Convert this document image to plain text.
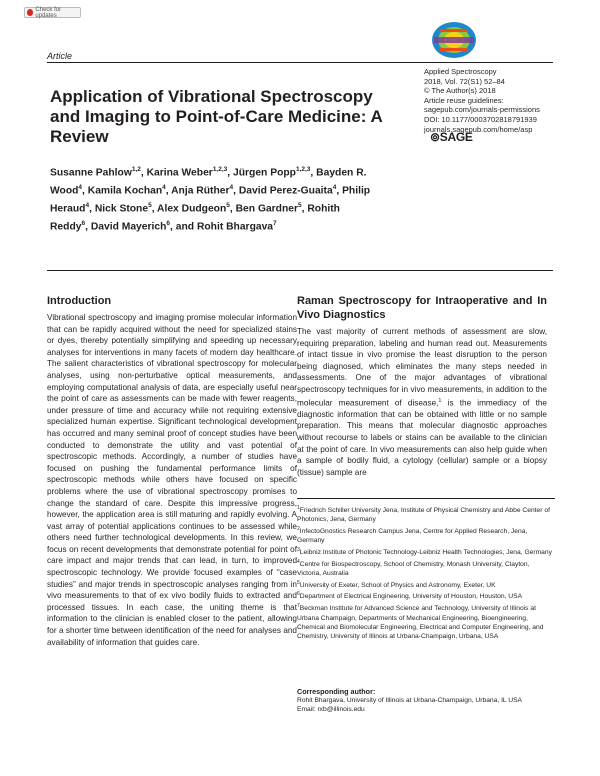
Check for updates
Article
Applied Spectroscopy
2018, Vol. 72(S1) 52–84
© The Author(s) 2018
Article reuse guidelines:
sagepub.com/journals-permissions
DOI: 10.1177/0003702818791939
journals.sagepub.com/home/asp
⊚SAGE
Application of Vibrational Spectroscopy and Imaging to Point-of-Care Medicine: A Review
Susanne Pahlow$^{1,2}$, Karina Weber$^{1,2,3}$, Jürgen Popp$^{1,2,3}$, Bayden R. Wood$^4$, Kamila Kochan$^4$, Anja Rüther$^4$, David Perez-Guaita$^4$, Philip Heraud$^4$, Nick Stone$^5$, Alex Dudgeon$^5$, Ben Gardner$^5$, Rohith Reddy$^6$, David Mayerich$^6$, and Rohit Bhargava$^7$
Introduction

Vibrational spectroscopy and imaging promise molecular information that can be rapidly acquired without the need for specialized stains or dyes, thereby potentially simplifying and speeding up necessary analyses for interventions in many facets of modern day healthcare. The salient characteristics of vibrational spectroscopy for molecular analyses, using non-perturbative optical measurements, and employing computational analysis of data, are especially useful near the point of care as assessments can be made with fewer reagents, under pressure of time and accuracy while not requiring extensive specialized human expertise. Significant technological development has occurred and many seminal proof of concept studies have been conducted to demonstrate the utility and vast potential of spectroscopic methods. Accordingly, a number of studies have focused on pushing the fundamental performance limits of spectroscopic methods while others have focused on specific problems where the use of vibrational spectroscopy promises to change the standard of care. Despite this impressive progress, however, the application area is still maturing and rapidly evolving. A vast array of potential applications continues to be assessed while others need further technological developments. In this review, we focus on recent developments that demonstrate potential for point of care impact and major trends that can lead, in turn, to improved spectroscopic technology. We provide focused examples of “case studies” and major trends in spectroscopic analyses ranging from in vivo measurements to that of ex vivo bodily fluids to extracted and processed tissues. In each case, the uniting theme is that information to the clinician is enabled closer to the patient, allowing for a shorter time between identification of the need for analyses and availability of information that guides care.

Raman Spectroscopy for Intraoperative and In Vivo Diagnostics

The vast majority of current methods of assessment are slow, requiring preparation, labeling and human read out. Measurements of intact tissue in vivo promise the least disruption to the person being diagnosed, which eliminates the many steps needed in assessments. One of the major advantages of vibrational spectroscopy techniques for in vivo measurements, in addition to the molecular measurement of disease,$^1$ is the immediacy of the diagnostic information that can be obtained with little or no sample preparation. This means that molecular diagnostic approaches without recourse to labels or stains can be available to the clinician at the point of care. In vivo measurements can also help guide when a sample of bodily fluid, a cytology (cellular) sample or a biopsy (tissue) sample are

$^1$Friedrich Schiller University Jena, Institute of Physical Chemistry and Abbe Center of Photonics, Jena, Germany

$^2$InfectoGnostics Research Campus Jena, Centre for Applied Research, Jena, Germany

$^3$Leibniz Institute of Photonic Technology-Leibniz Health Technologies, Jena, Germany

$^4$Centre for Biospectroscopy, School of Chemistry, Monash University, Clayton, Victoria, Australia

$^5$University of Exeter, School of Physics and Astronomy, Exeter, UK

$^6$Department of Electrical Engineering, University of Houston, Houston, USA

$^7$Beckman Institute for Advanced Science and Technology, University of Illinois at Urbana Champaign, Departments of Mechanical Engineering, Bioengineering, Chemical and Biomolecular Engineering, Electrical and Computer Engineering, and Chemistry, University of Illinois at Urbana-Champaign, Urbana, USA

Corresponding author:
Rohit Bhargava, University of Illinois at Urbana-Champaign, Urbana, IL USA
Email: rxb@illinois.edu
